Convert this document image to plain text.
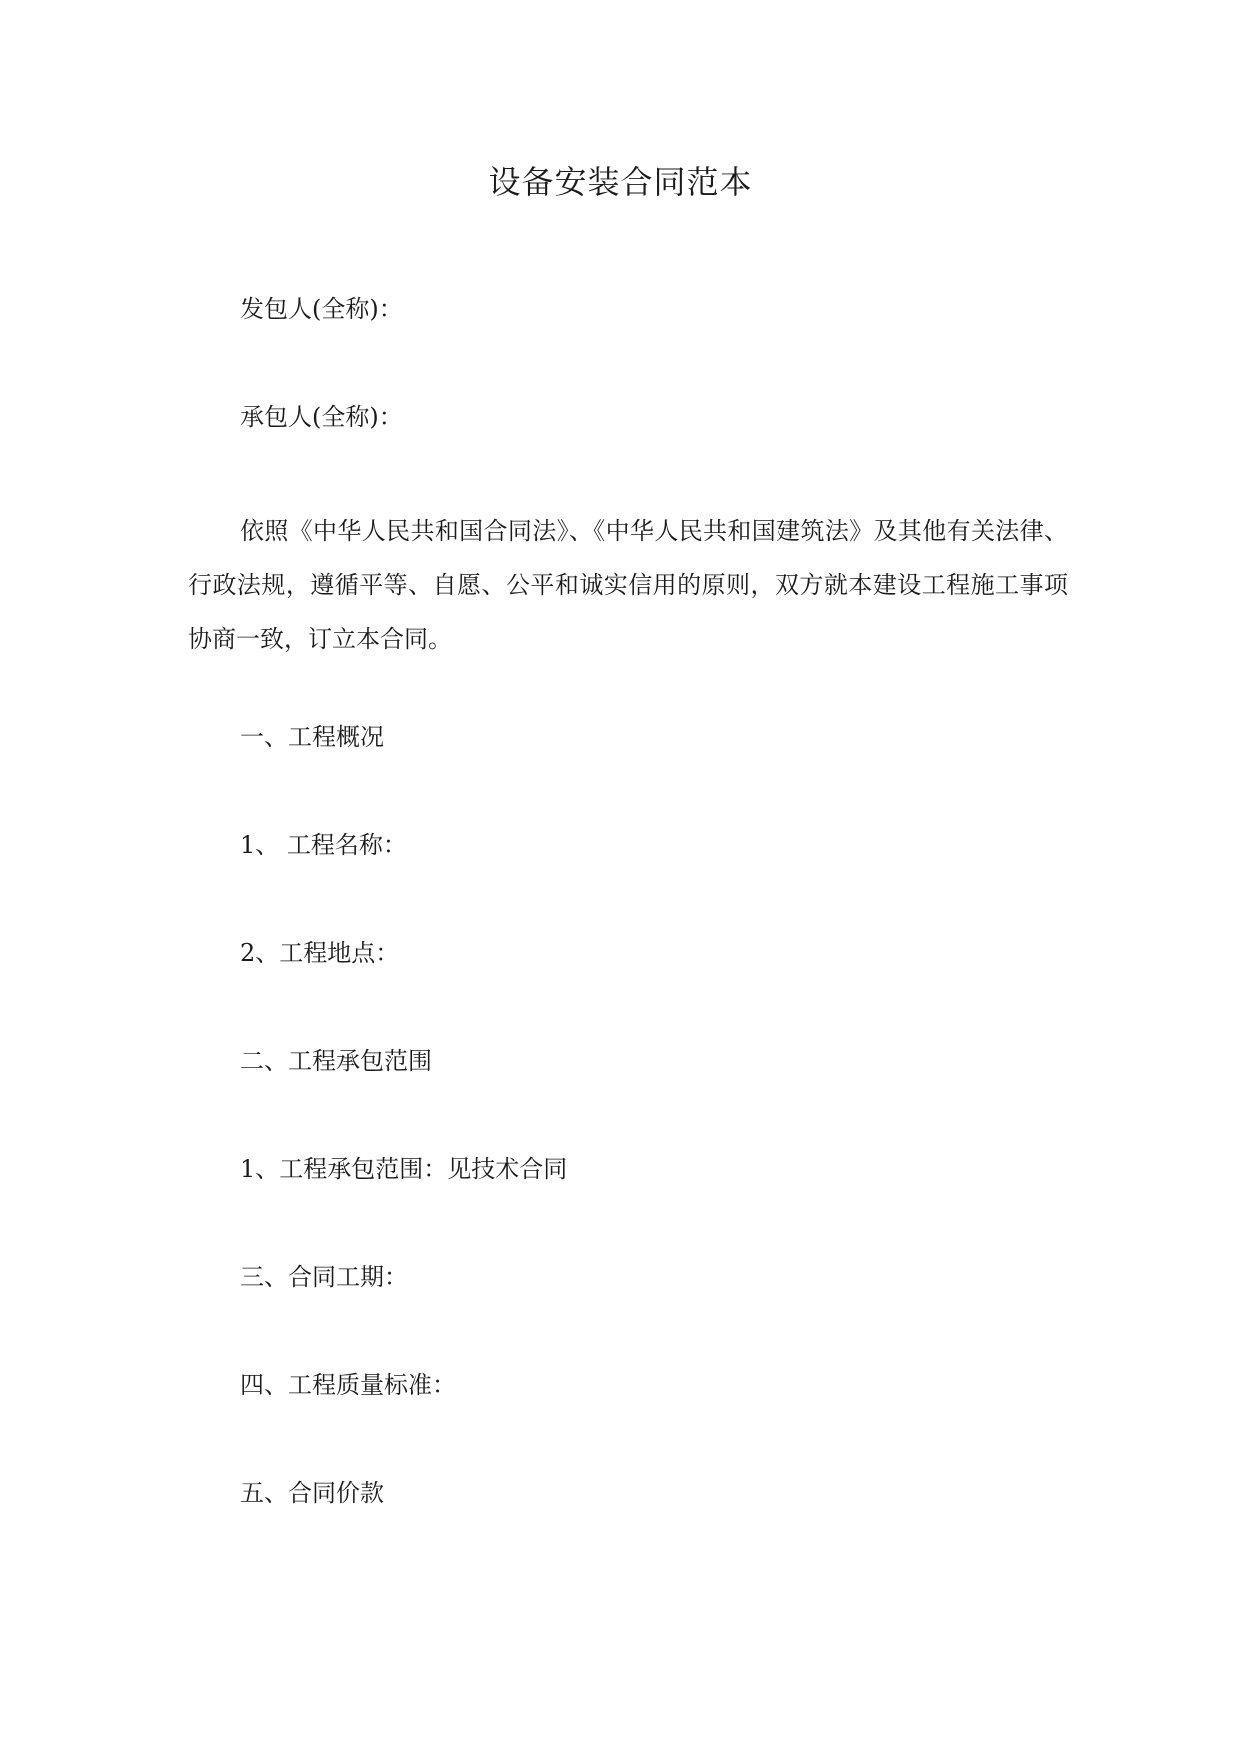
设备安装合同范本
发包人(全称)：
承包人(全称)：
依照《中华人民共和国合同法》、《中华人民共和国建筑法》及其他有关法律、行政法规，遵循平等、自愿、公平和诚实信用的原则，双方就本建设工程施工事项协商一致，订立本合同。
一、工程概况
1、 工程名称：
2、工程地点：
二、工程承包范围
1、工程承包范围：见技术合同
三、合同工期：
四、工程质量标准：
五、合同价款
